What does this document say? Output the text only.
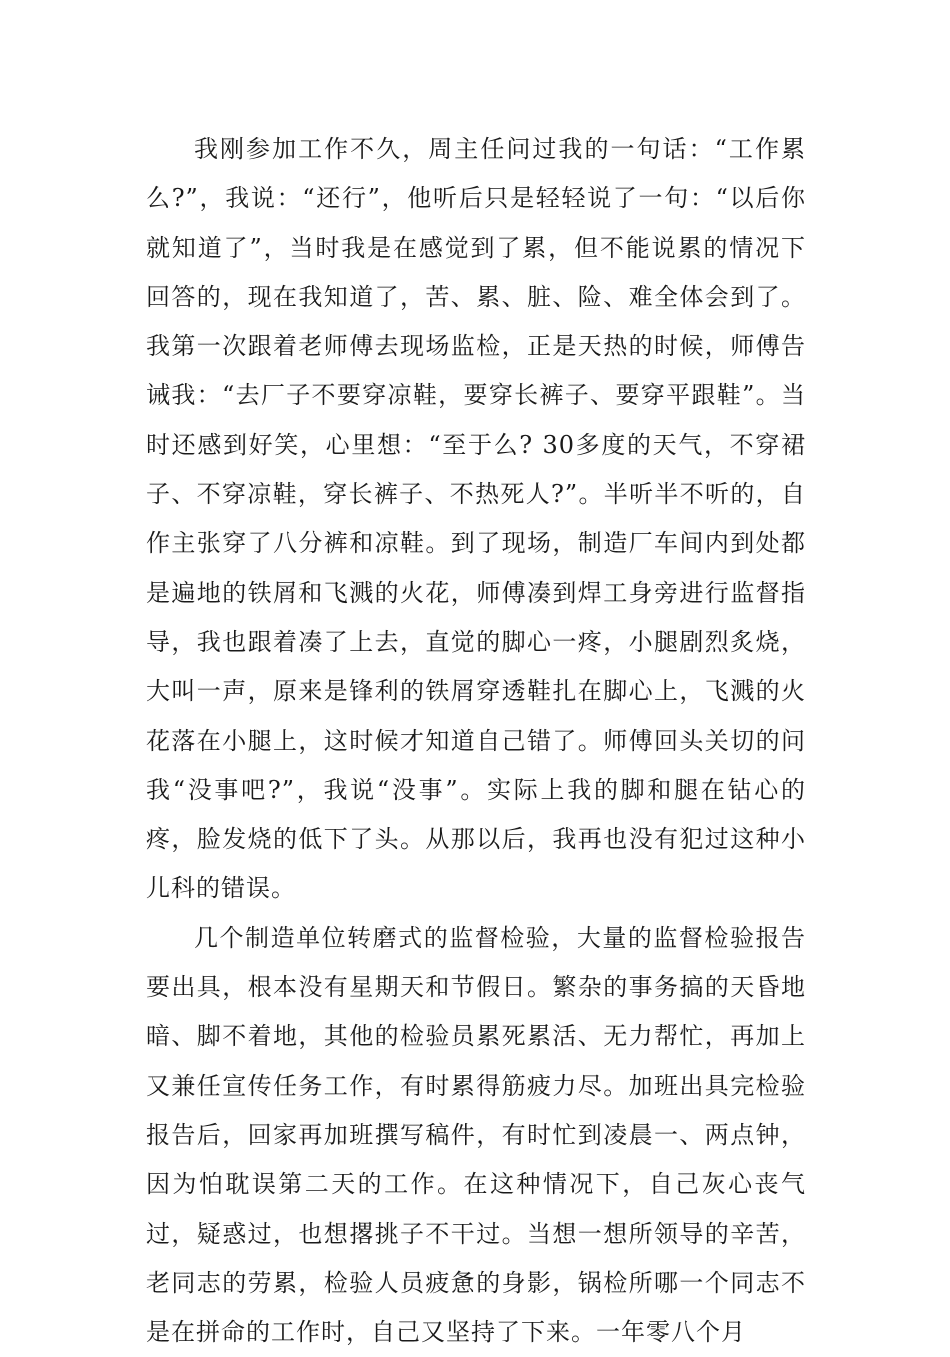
我刚参加工作不久，周主任问过我的一句话：“工作累么?”，我说：“还行”，他听后只是轻轻说了一句：“以后你就知道了”，当时我是在感觉到了累，但不能说累的情况下回答的，现在我知道了，苦、累、脏、险、难全体会到了。我第一次跟着老师傅去现场监检，正是天热的时候，师傅告诫我：“去厂子不要穿凉鞋，要穿长裤子、要穿平跟鞋”。当时还感到好笑，心里想：“至于么? 30多度的天气，不穿裙子、不穿凉鞋，穿长裤子、不热死人?”。半听半不听的，自作主张穿了八分裤和凉鞋。到了现场，制造厂车间内到处都是遍地的铁屑和飞溅的火花，师傅凑到焊工身旁进行监督指导，我也跟着凑了上去，直觉的脚心一疼，小腿剧烈炙烧，大叫一声，原来是锋利的铁屑穿透鞋扎在脚心上，飞溅的火花落在小腿上，这时候才知道自己错了。师傅回头关切的问我“没事吧?”，我说“没事”。实际上我的脚和腿在钻心的疼，脸发烧的低下了头。从那以后，我再也没有犯过这种小儿科的错误。

几个制造单位转磨式的监督检验，大量的监督检验报告要出具，根本没有星期天和节假日。繁杂的事务搞的天昏地暗、脚不着地，其他的检验员累死累活、无力帮忙，再加上又兼任宣传任务工作，有时累得筋疲力尽。加班出具完检验报告后，回家再加班撰写稿件，有时忙到凌晨一、两点钟，因为怕耽误第二天的工作。在这种情况下，自己灰心丧气过，疑惑过，也想撂挑子不干过。当想一想所领导的辛苦，老同志的劳累，检验人员疲惫的身影，锅检所哪一个同志不是在拼命的工作时，自己又坚持了下来。一年零八个月
